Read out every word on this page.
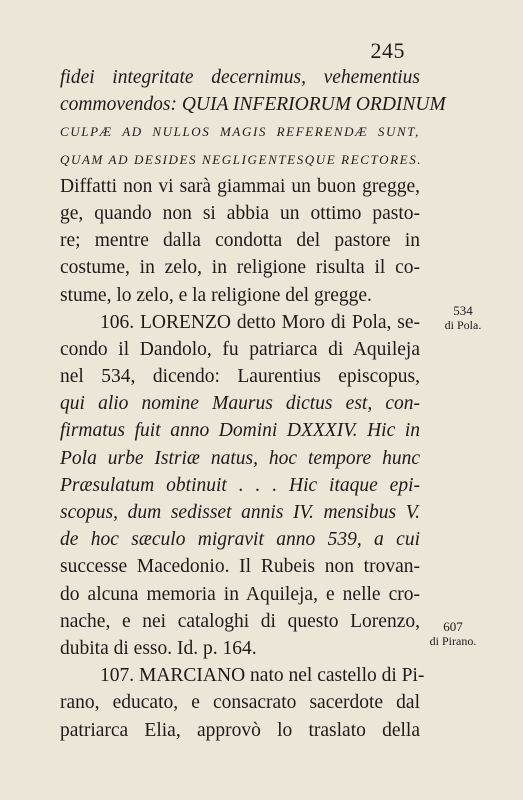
245
fidei integritate decernimus, vehementius
commovendos: QUIA INFERIORUM ORDINUM
CULPÆ AD NULLOS MAGIS REFERENDÆ SUNT,
QUAM AD DESIDES NEGLIGENTESQUE RECTORES.
Diffatti non vi sarà giammai un buon gregge,
ge, quando non si abbia un ottimo pasto-
re; mentre dalla condotta del pastore in
costume, in zelo, in religione risulta il co-
stume, lo zelo, e la religione del gregge.
106. LORENZO detto Moro di Pola, se-
condo il Dandolo, fu patriarca di Aquileja
nel 534, dicendo: Laurentius episcopus,
qui alio nomine Maurus dictus est, con-
firmatus fuit anno Domini DXXXIV. Hic in
Pola urbe Istriæ natus, hoc tempore hunc
Præsulatum obtinuit . . . Hic itaque epi-
scopus, dum sedisset annis IV. mensibus V.
de hoc sæculo migravit anno 539, a cui
successe Macedonio. Il Rubeis non trovan-
do alcuna memoria in Aquileja, e nelle cro-
nache, e nei cataloghi di questo Lorenzo,
dubita di esso. Id. p. 164.
107. MARCIANO nato nel castello di Pi-
rano, educato, e consacrato sacerdote dal
patriarca Elia, approvò lo traslato della
534
di Pola.
607
di Pirano.
